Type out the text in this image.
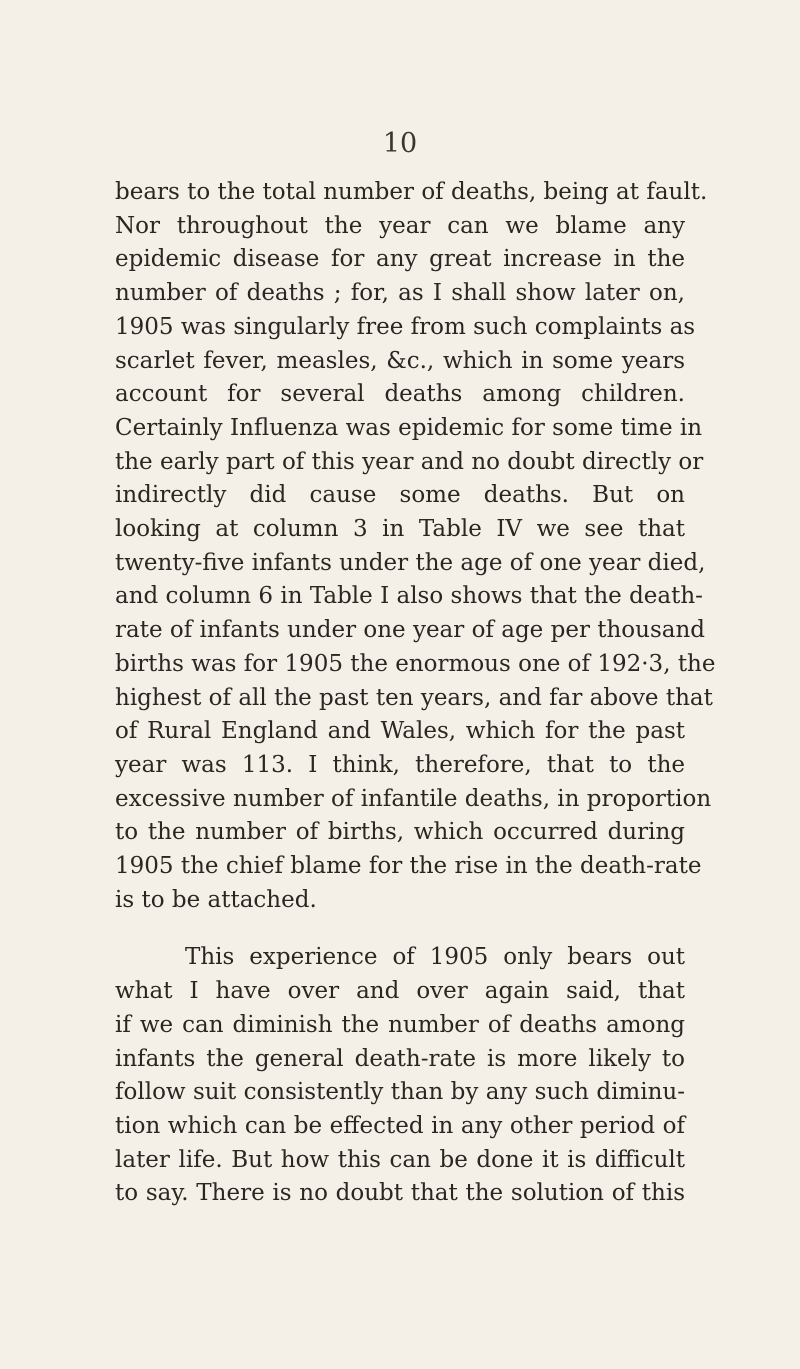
10

bears to the total number of deaths, being at fault.
Nor throughout the year can we blame any
epidemic disease for any great increase in the
number of deaths ; for, as I shall show later on,
1905 was singularly free from such complaints as
scarlet fever, measles, &c., which in some years
account for several deaths among children.
Certainly Influenza was epidemic for some time in
the early part of this year and no doubt directly or
indirectly did cause some deaths. But on
looking at column 3 in Table IV we see that
twenty-five infants under the age of one year died,
and column 6 in Table I also shows that the death-
rate of infants under one year of age per thousand
births was for 1905 the enormous one of 192·3, the
highest of all the past ten years, and far above that
of Rural England and Wales, which for the past
year was 113. I think, therefore, that to the
excessive number of infantile deaths, in proportion
to the number of births, which occurred during
1905 the chief blame for the rise in the death-rate
is to be attached.

This experience of 1905 only bears out
what I have over and over again said, that
if we can diminish the number of deaths among
infants the general death-rate is more likely to
follow suit consistently than by any such diminu-
tion which can be effected in any other period of
later life. But how this can be done it is difficult
to say. There is no doubt that the solution of this
